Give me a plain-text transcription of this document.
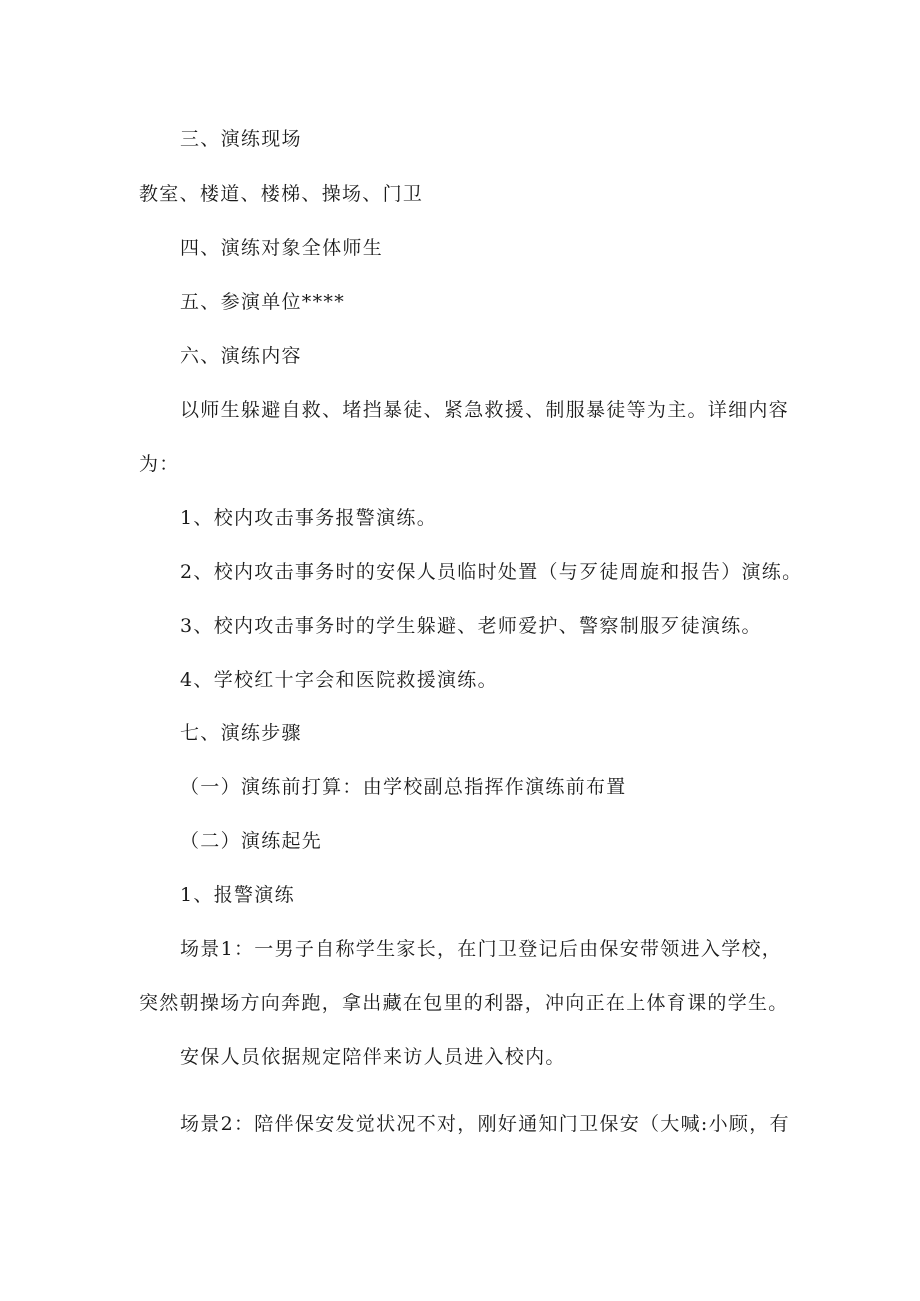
三、演练现场
教室、楼道、楼梯、操场、门卫
四、演练对象全体师生
五、参演单位****
六、演练内容
以师生躲避自救、堵挡暴徒、紧急救援、制服暴徒等为主。详细内容
为：
1、校内攻击事务报警演练。
2、校内攻击事务时的安保人员临时处置（与歹徒周旋和报告）演练。
3、校内攻击事务时的学生躲避、老师爱护、警察制服歹徒演练。
4、学校红十字会和医院救援演练。
七、演练步骤
（一）演练前打算：由学校副总指挥作演练前布置
（二）演练起先
1、报警演练
场景1：一男子自称学生家长，在门卫登记后由保安带领进入学校，
突然朝操场方向奔跑，拿出藏在包里的利器，冲向正在上体育课的学生。
安保人员依据规定陪伴来访人员进入校内。
场景2：陪伴保安发觉状况不对，刚好通知门卫保安（大喊:小顾，有
